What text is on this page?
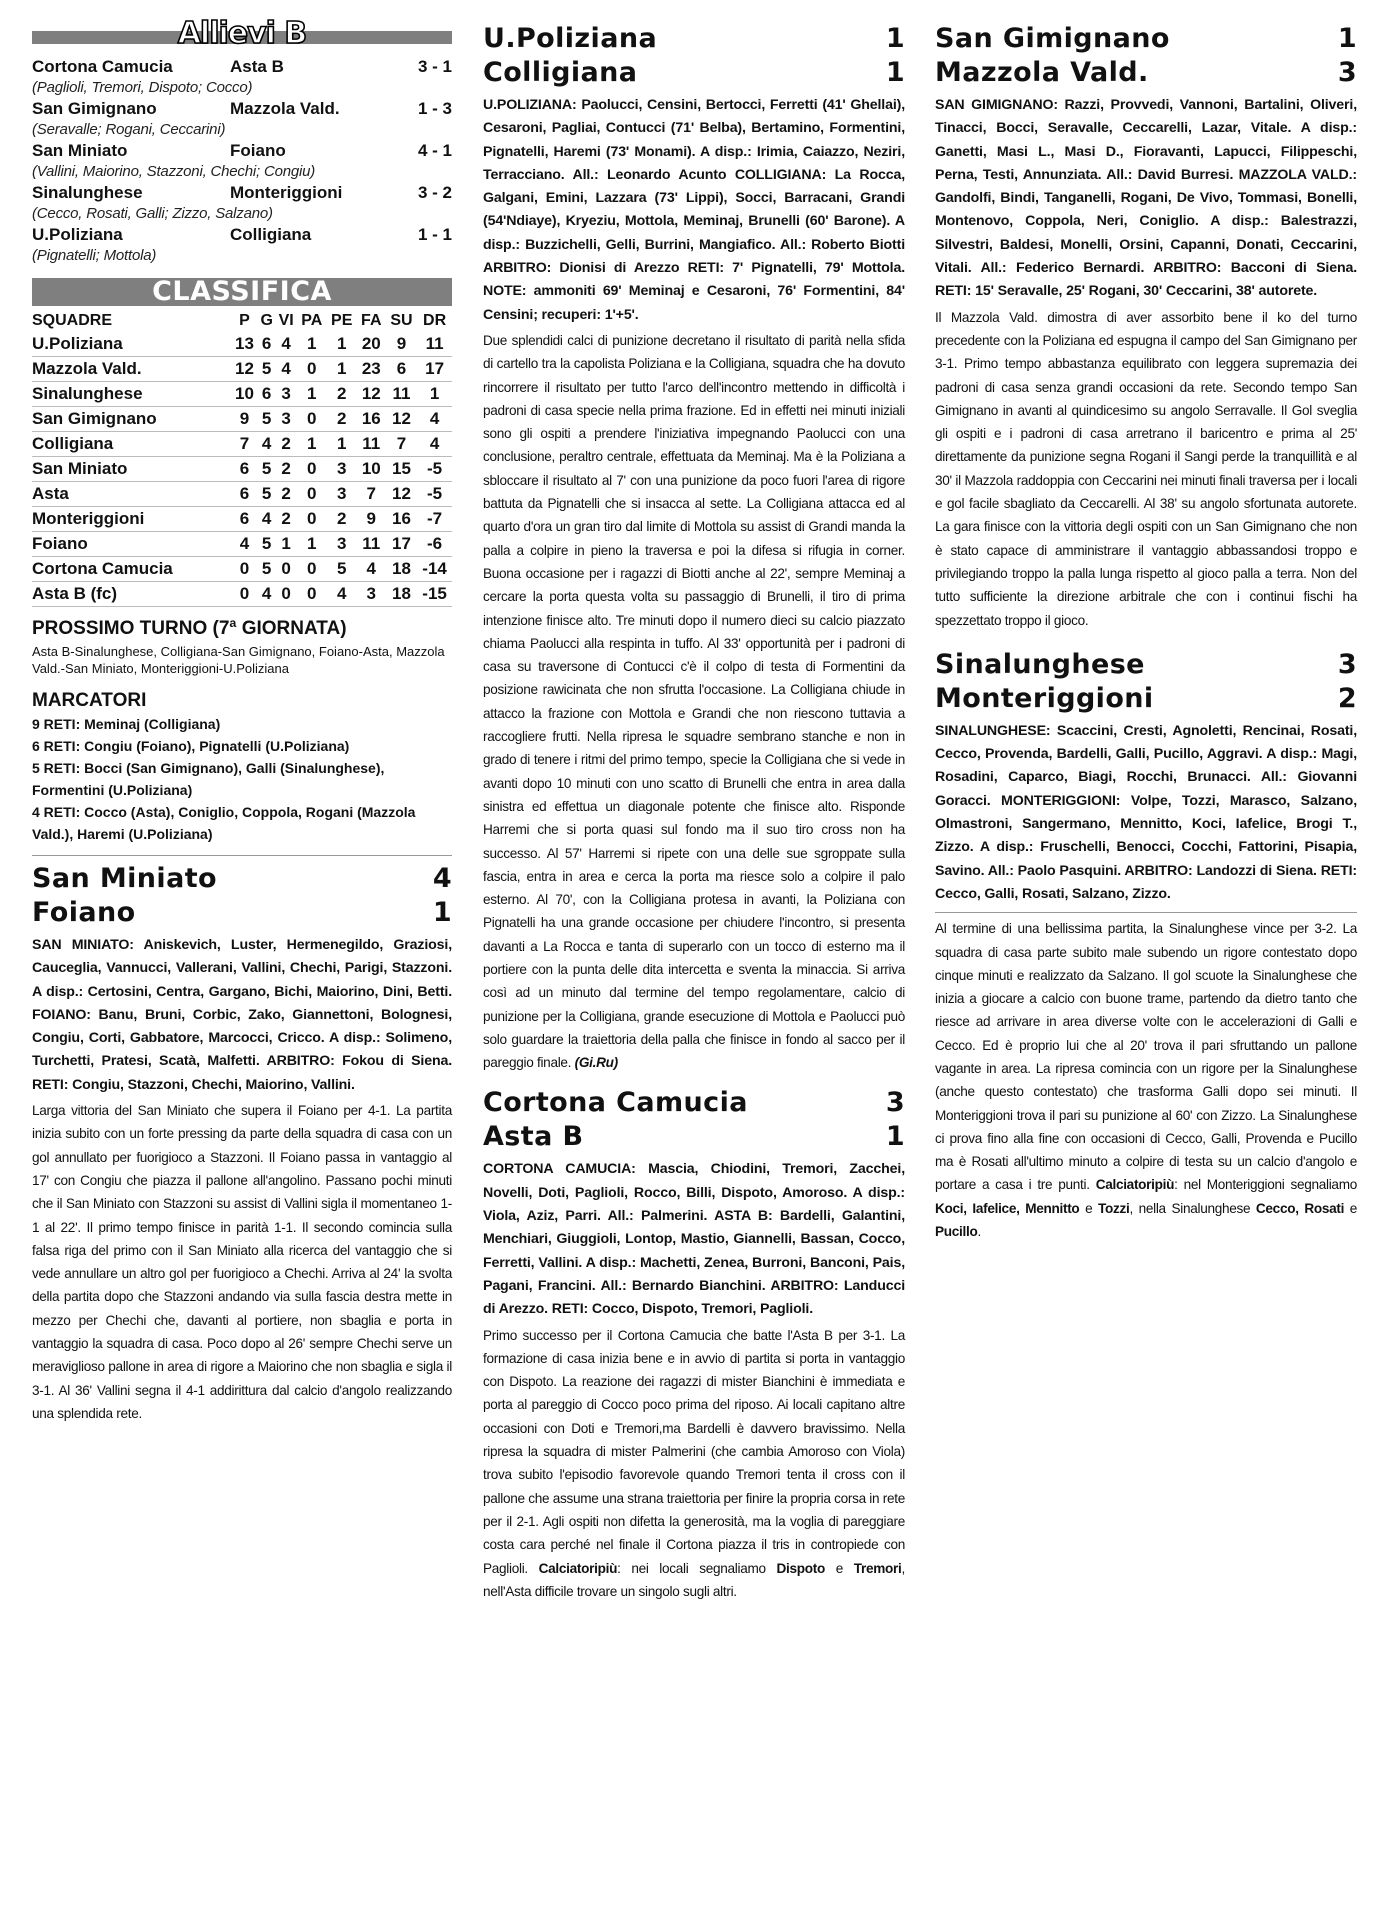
Allievi B
Cortona Camucia	Asta B	3 - 1
(Paglioli, Tremori, Dispoto; Cocco)
San Gimignano	Mazzola Vald.	1 - 3
(Seravalle; Rogani, Ceccarini)
San Miniato	Foiano	4 - 1
(Vallini, Maiorino, Stazzoni, Chechi; Congiu)
Sinalunghese	Monteriggioni	3 - 2
(Cecco, Rosati, Galli; Zizzo, Salzano)
U.Poliziana	Colligiana	1 - 1
(Pignatelli; Mottola)
CLASSIFICA
SQUADRE	P	G	VI	PA	PE	FA	SU	DR
U.Poliziana	13	6	4	1	1	20	9	11
Mazzola Vald.	12	5	4	0	1	23	6	17
Sinalunghese	10	6	3	1	2	12	11	1
San Gimignano	9	5	3	0	2	16	12	4
Colligiana	7	4	2	1	1	11	7	4
San Miniato	6	5	2	0	3	10	15	-5
Asta	6	5	2	0	3	7	12	-5
Monteriggioni	6	4	2	0	2	9	16	-7
Foiano	4	5	1	1	3	11	17	-6
Cortona Camucia	0	5	0	0	5	4	18	-14
Asta B (fc)	0	4	0	0	4	3	18	-15
PROSSIMO TURNO (7ª GIORNATA)
Asta B-Sinalunghese, Colligiana-San Gimignano, Foiano-Asta, Mazzola Vald.-San Miniato, Monteriggioni-U.Poliziana
MARCATORI
9 RETI: Meminaj (Colligiana)
6 RETI: Congiu (Foiano), Pignatelli (U.Poliziana)
5 RETI: Bocci (San Gimignano), Galli (Sinalunghese), Formentini (U.Poliziana)
4 RETI: Cocco (Asta), Coniglio, Coppola, Rogani (Mazzola Vald.), Haremi (U.Poliziana)
San Miniato	4
Foiano	1
SAN MINIATO: Aniskevich, Luster, Hermenegildo, Graziosi, Cauceglia, Vannucci, Vallerani, Vallini, Chechi, Parigi, Stazzoni. A disp.: Certosini, Centra, Gargano, Bichi, Maiorino, Dini, Betti. FOIANO: Banu, Bruni, Corbic, Zako, Giannettoni, Bolognesi, Congiu, Corti, Gabbatore, Marcocci, Cricco. A disp.: Solimeno, Turchetti, Pratesi, Scatà, Malfetti. ARBITRO: Fokou di Siena. RETI: Congiu, Stazzoni, Chechi, Maiorino, Vallini.
Larga vittoria del San Miniato che supera il Foiano per 4-1. La partita inizia subito con un forte pressing da parte della squadra di casa con un gol annullato per fuorigioco a Stazzoni. Il Foiano passa in vantaggio al 17' con Congiu che piazza il pallone all'angolino. Passano pochi minuti che il San Miniato con Stazzoni su assist di Vallini sigla il momentaneo 1-1 al 22'. Il primo tempo finisce in parità 1-1. Il secondo comincia sulla falsa riga del primo con il San Miniato alla ricerca del vantaggio che si vede annullare un altro gol per fuorigioco a Chechi. Arriva al 24' la svolta della partita dopo che Stazzoni andando via sulla fascia destra mette in mezzo per Chechi che, davanti al portiere, non sbaglia e porta in vantaggio la squadra di casa. Poco dopo al 26' sempre Chechi serve un meraviglioso pallone in area di rigore a Maiorino che non sbaglia e sigla il 3-1. Al 36' Vallini segna il 4-1 addirittura dal calcio d'angolo realizzando una splendida rete.
U.Poliziana	1
Colligiana	1
U.POLIZIANA: Paolucci, Censini, Bertocci, Ferretti (41' Ghellai), Cesaroni, Pagliai, Contucci (71' Belba), Bertamino, Formentini, Pignatelli, Haremi (73' Monami). A disp.: Irimia, Caiazzo, Neziri, Terracciano. All.: Leonardo Acunto COLLIGIANA: La Rocca, Galgani, Emini, Lazzara (73' Lippi), Socci, Barracani, Grandi (54'Ndiaye), Kryeziu, Mottola, Meminaj, Brunelli (60' Barone). A disp.: Buzzichelli, Gelli, Burrini, Mangiafico. All.: Roberto Biotti ARBITRO: Dionisi di Arezzo RETI: 7' Pignatelli, 79' Mottola. NOTE: ammoniti 69' Meminaj e Cesaroni, 76' Formentini, 84' Censini; recuperi: 1'+5'.
Due splendidi calci di punizione decretano il risultato di parità nella sfida di cartello tra la capolista Poliziana e la Colligiana, squadra che ha dovuto rincorrere il risultato per tutto l'arco dell'incontro mettendo in difficoltà i padroni di casa specie nella prima frazione. Ed in effetti nei minuti iniziali sono gli ospiti a prendere l'iniziativa impegnando Paolucci con una conclusione, peraltro centrale, effettuata da Meminaj. Ma è la Poliziana a sbloccare il risultato al 7' con una punizione da poco fuori l'area di rigore battuta da Pignatelli che si insacca al sette. La Colligiana attacca ed al quarto d'ora un gran tiro dal limite di Mottola su assist di Grandi manda la palla a colpire in pieno la traversa e poi la difesa si rifugia in corner. Buona occasione per i ragazzi di Biotti anche al 22', sempre Meminaj a cercare la porta questa volta su passaggio di Brunelli, il tiro di prima intenzione finisce alto. Tre minuti dopo il numero dieci su calcio piazzato chiama Paolucci alla respinta in tuffo. Al 33' opportunità per i padroni di casa su traversone di Contucci c'è il colpo di testa di Formentini da posizione rawicinata che non sfrutta l'occasione. La Colligiana chiude in attacco la frazione con Mottola e Grandi che non riescono tuttavia a raccogliere frutti. Nella ripresa le squadre sembrano stanche e non in grado di tenere i ritmi del primo tempo, specie la Colligiana che si vede in avanti dopo 10 minuti con uno scatto di Brunelli che entra in area dalla sinistra ed effettua un diagonale potente che finisce alto. Risponde Harremi che si porta quasi sul fondo ma il suo tiro cross non ha successo. Al 57' Harremi si ripete con una delle sue sgroppate sulla fascia, entra in area e cerca la porta ma riesce solo a colpire il palo esterno. Al 70', con la Colligiana protesa in avanti, la Poliziana con Pignatelli ha una grande occasione per chiudere l'incontro, si presenta davanti a La Rocca e tanta di superarlo con un tocco di esterno ma il portiere con la punta delle dita intercetta e sventa la minaccia. Si arriva così ad un minuto dal termine del tempo regolamentare, calcio di punizione per la Colligiana, grande esecuzione di Mottola e Paolucci può solo guardare la traiettoria della palla che finisce in fondo al sacco per il pareggio finale. (Gi.Ru)
Cortona Camucia	3
Asta B	1
CORTONA CAMUCIA: Mascia, Chiodini, Tremori, Zacchei, Novelli, Doti, Paglioli, Rocco, Billi, Dispoto, Amoroso. A disp.: Viola, Aziz, Parri. All.: Palmerini. ASTA B: Bardelli, Galantini, Menchiari, Giuggioli, Lontop, Mastio, Giannelli, Bassan, Cocco, Ferretti, Vallini. A disp.: Machetti, Zenea, Burroni, Banconi, Pais, Pagani, Francini. All.: Bernardo Bianchini. ARBITRO: Landucci di Arezzo. RETI: Cocco, Dispoto, Tremori, Paglioli.
Primo successo per il Cortona Camucia che batte l'Asta B per 3-1. La formazione di casa inizia bene e in avvio di partita si porta in vantaggio con Dispoto. La reazione dei ragazzi di mister Bianchini è immediata e porta al pareggio di Cocco poco prima del riposo. Ai locali capitano altre occasioni con Doti e Tremori,ma Bardelli è davvero bravissimo. Nella ripresa la squadra di mister Palmerini (che cambia Amoroso con Viola) trova subito l'episodio favorevole quando Tremori tenta il cross con il pallone che assume una strana traiettoria per finire la propria corsa in rete per il 2-1. Agli ospiti non difetta la generosità, ma la voglia di pareggiare costa cara perché nel finale il Cortona piazza il tris in contropiede con Paglioli. Calciatoripiù: nei locali segnaliamo Dispoto e Tremori, nell'Asta difficile trovare un singolo sugli altri.
San Gimignano	1
Mazzola Vald.	3
SAN GIMIGNANO: Razzi, Provvedi, Vannoni, Bartalini, Oliveri, Tinacci, Bocci, Seravalle, Ceccarelli, Lazar, Vitale. A disp.: Ganetti, Masi L., Masi D., Fioravanti, Lapucci, Filippeschi, Perna, Testi, Annunziata. All.: David Burresi. MAZZOLA VALD.: Gandolfi, Bindi, Tanganelli, Rogani, De Vivo, Tommasi, Bonelli, Montenovo, Coppola, Neri, Coniglio. A disp.: Balestrazzi, Silvestri, Baldesi, Monelli, Orsini, Capanni, Donati, Ceccarini, Vitali. All.: Federico Bernardi. ARBITRO: Bacconi di Siena. RETI: 15' Seravalle, 25' Rogani, 30' Ceccarini, 38' autorete.
Il Mazzola Vald. dimostra di aver assorbito bene il ko del turno precedente con la Poliziana ed espugna il campo del San Gimignano per 3-1. Primo tempo abbastanza equilibrato con leggera supremazia dei padroni di casa senza grandi occasioni da rete. Secondo tempo San Gimignano in avanti al quindicesimo su angolo Serravalle. Il Gol sveglia gli ospiti e i padroni di casa arretrano il baricentro e prima al 25' direttamente da punizione segna Rogani il Sangi perde la tranquillità e al 30' il Mazzola raddoppia con Ceccarini nei minuti finali traversa per i locali e gol facile sbagliato da Ceccarelli. Al 38' su angolo sfortunata autorete. La gara finisce con la vittoria degli ospiti con un San Gimignano che non è stato capace di amministrare il vantaggio abbassandosi troppo e privilegiando troppo la palla lunga rispetto al gioco palla a terra. Non del tutto sufficiente la direzione arbitrale che con i continui fischi ha spezzettato troppo il gioco.
Sinalunghese	3
Monteriggioni	2
SINALUNGHESE: Scaccini, Cresti, Agnoletti, Rencinai, Rosati, Cecco, Provenda, Bardelli, Galli, Pucillo, Aggravi. A disp.: Magi, Rosadini, Caparco, Biagi, Rocchi, Brunacci. All.: Giovanni Goracci. MONTERIGGIONI: Volpe, Tozzi, Marasco, Salzano, Olmastroni, Sangermano, Mennitto, Koci, Iafelice, Brogi T., Zizzo. A disp.: Fruschelli, Benocci, Cocchi, Fattorini, Pisapia, Savino. All.: Paolo Pasquini. ARBITRO: Landozzi di Siena. RETI: Cecco, Galli, Rosati, Salzano, Zizzo.
Al termine di una bellissima partita, la Sinalunghese vince per 3-2. La squadra di casa parte subito male subendo un rigore contestato dopo cinque minuti e realizzato da Salzano. Il gol scuote la Sinalunghese che inizia a giocare a calcio con buone trame, partendo da dietro tanto che riesce ad arrivare in area diverse volte con le accelerazioni di Galli e Cecco. Ed è proprio lui che al 20' trova il pari sfruttando un pallone vagante in area. La ripresa comincia con un rigore per la Sinalunghese (anche questo contestato) che trasforma Galli dopo sei minuti. Il Monteriggioni trova il pari su punizione al 60' con Zizzo. La Sinalunghese ci prova fino alla fine con occasioni di Cecco, Galli, Provenda e Pucillo ma è Rosati all'ultimo minuto a colpire di testa su un calcio d'angolo e portare a casa i tre punti. Calciatoripiù: nel Monteriggioni segnaliamo Koci, Iafelice, Mennitto e Tozzi, nella Sinalunghese Cecco, Rosati e Pucillo.
